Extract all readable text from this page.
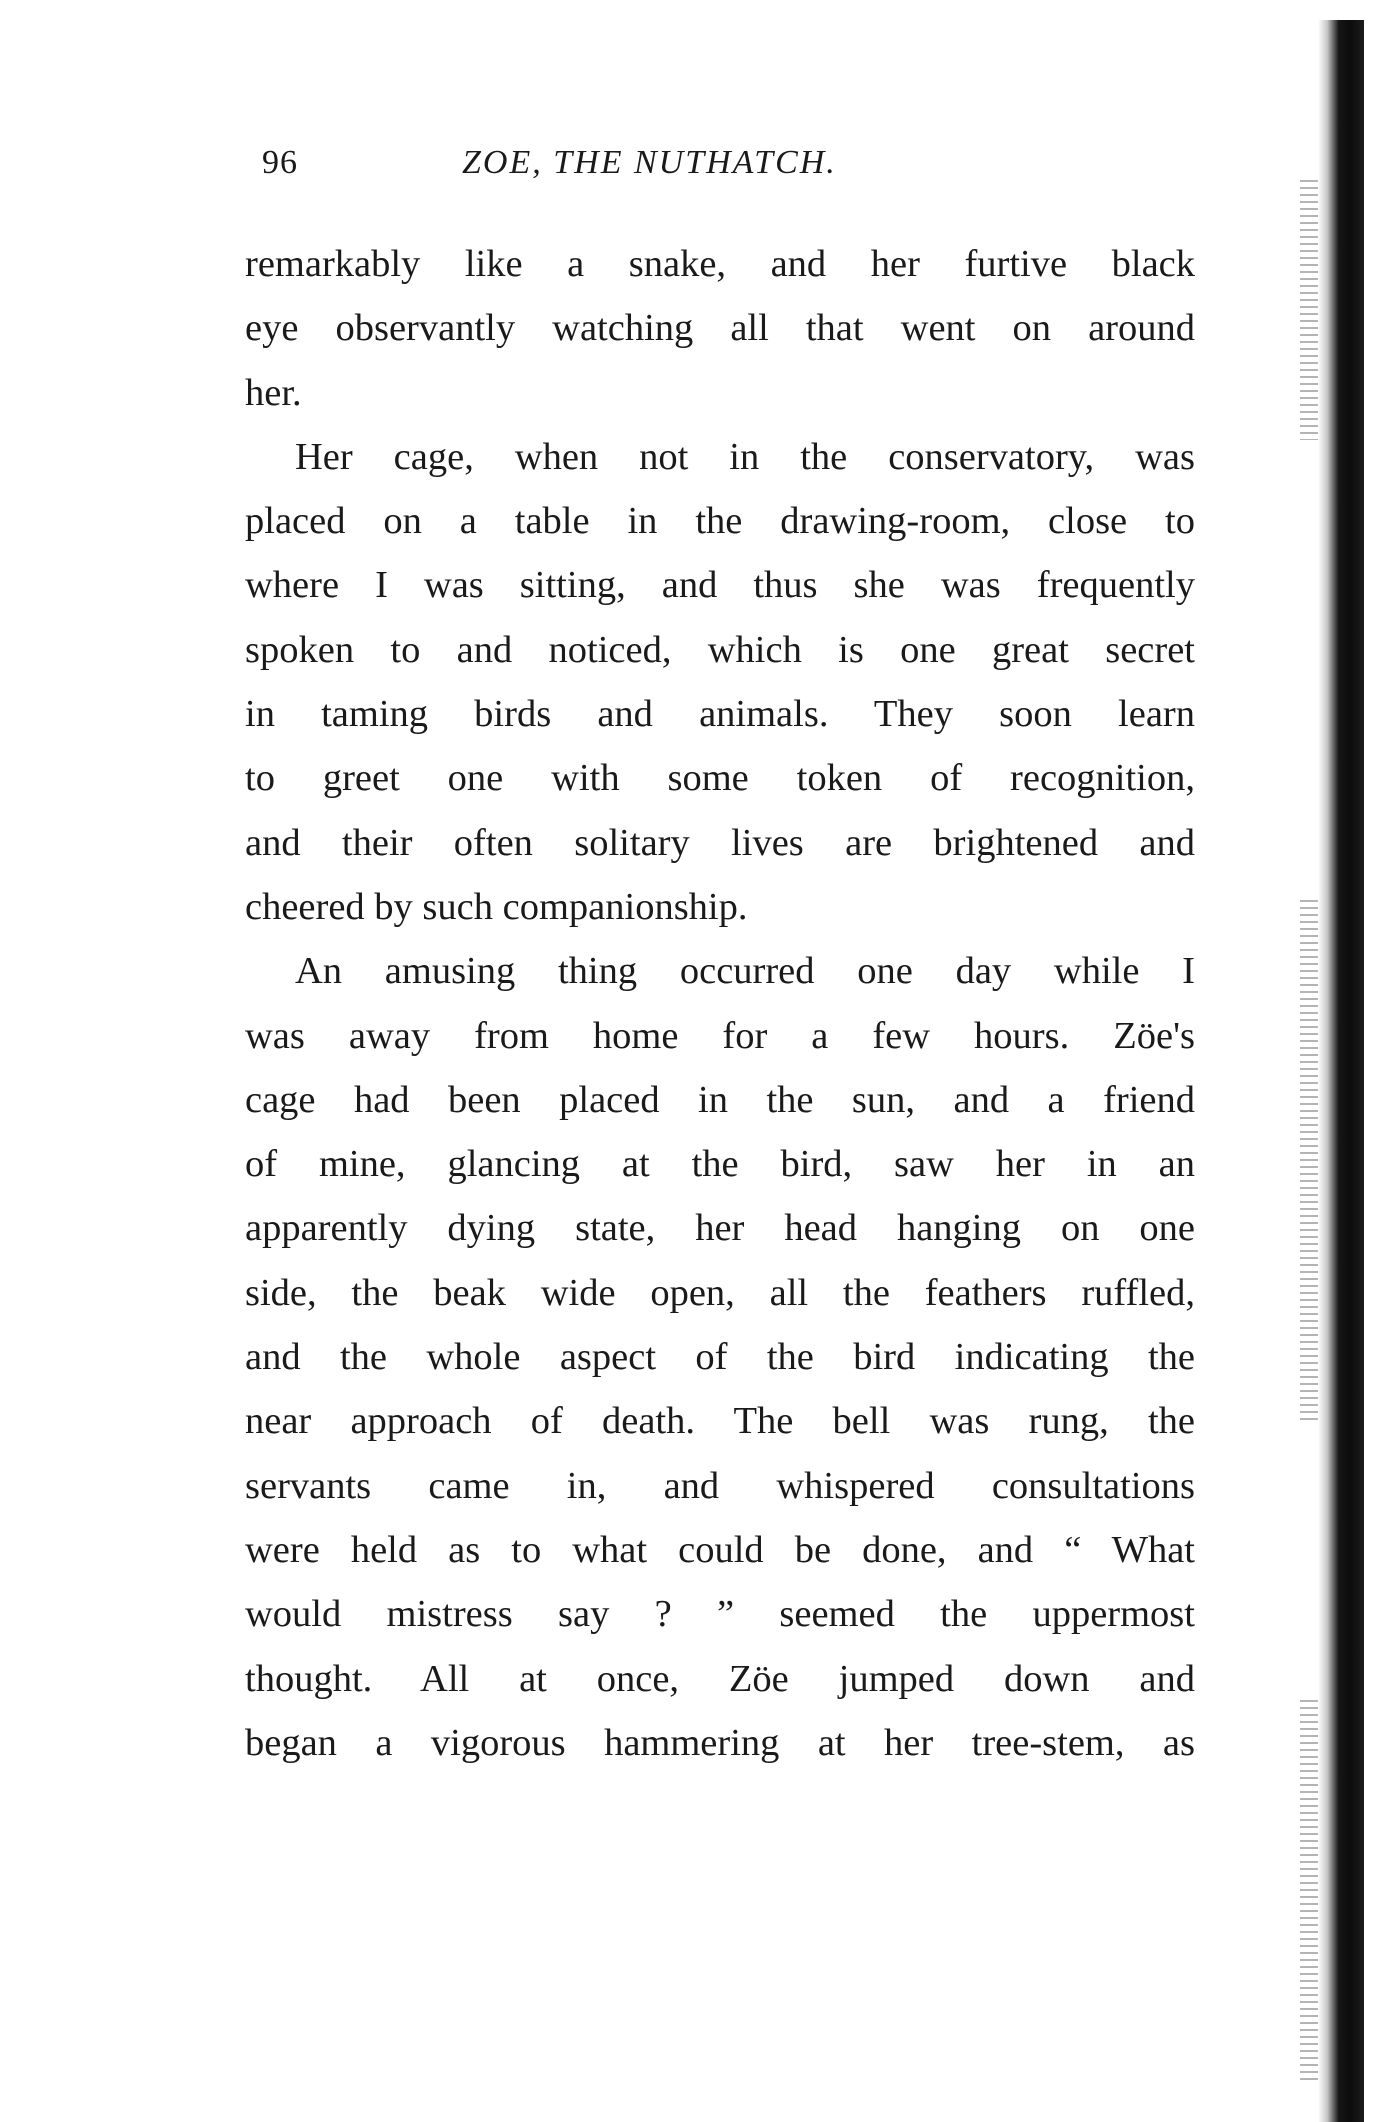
96	ZOE, THE NUTHATCH.
remarkably like a snake, and her furtive black
eye observantly watching all that went on around
her.
Her cage, when not in the conservatory, was
placed on a table in the drawing-room, close to
where I was sitting, and thus she was frequently
spoken to and noticed, which is one great secret
in taming birds and animals. They soon learn
to greet one with some token of recognition,
and their often solitary lives are brightened and
cheered by such companionship.
An amusing thing occurred one day while I
was away from home for a few hours. Zöe's
cage had been placed in the sun, and a friend
of mine, glancing at the bird, saw her in an
apparently dying state, her head hanging on one
side, the beak wide open, all the feathers ruffled,
and the whole aspect of the bird indicating the
near approach of death. The bell was rung, the
servants came in, and whispered consultations
were held as to what could be done, and “ What
would mistress say ? ” seemed the uppermost
thought. All at once, Zöe jumped down and
began a vigorous hammering at her tree-stem, as
